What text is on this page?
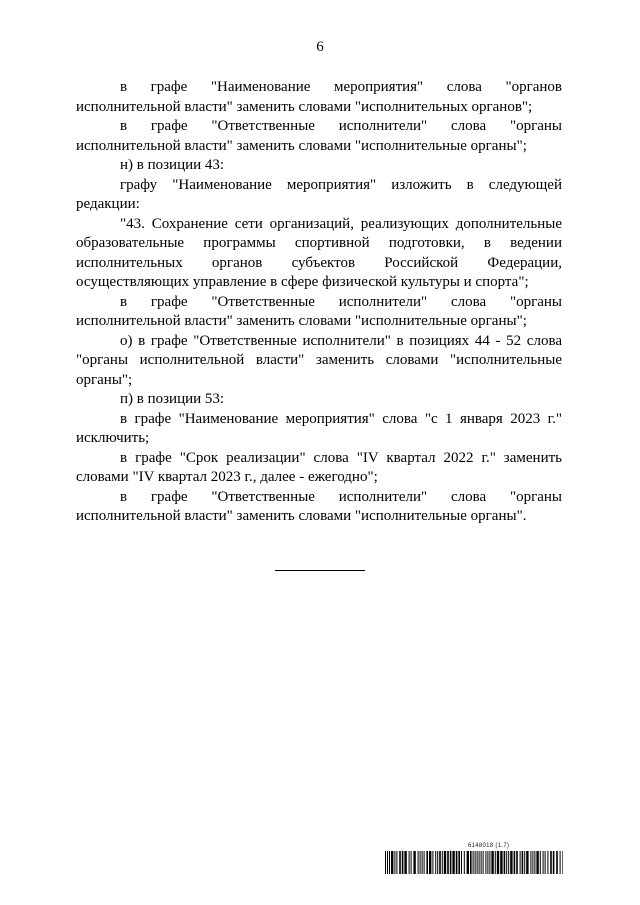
6

в графе "Наименование мероприятия" слова "органов исполнительной власти" заменить словами "исполнительных органов";

в графе "Ответственные исполнители" слова "органы исполнительной власти" заменить словами "исполнительные органы";

н) в позиции 43:

графу "Наименование мероприятия" изложить в следующей редакции:

"43. Сохранение сети организаций, реализующих дополнительные образовательные программы спортивной подготовки, в ведении исполнительных органов субъектов Российской Федерации, осуществляющих управление в сфере физической культуры и спорта";

в графе "Ответственные исполнители" слова "органы исполнительной власти" заменить словами "исполнительные органы";

о) в графе "Ответственные исполнители" в позициях 44 - 52 слова "органы исполнительной власти" заменить словами "исполнительные органы";

п) в позиции 53:

в графе "Наименование мероприятия" слова "с 1 января 2023 г." исключить;

в графе "Срок реализации" слова "IV квартал 2022 г." заменить словами "IV квартал 2023 г., далее - ежегодно";

в графе "Ответственные исполнители" слова "органы исполнительной власти" заменить словами "исполнительные органы".

6148018 (1.7)
